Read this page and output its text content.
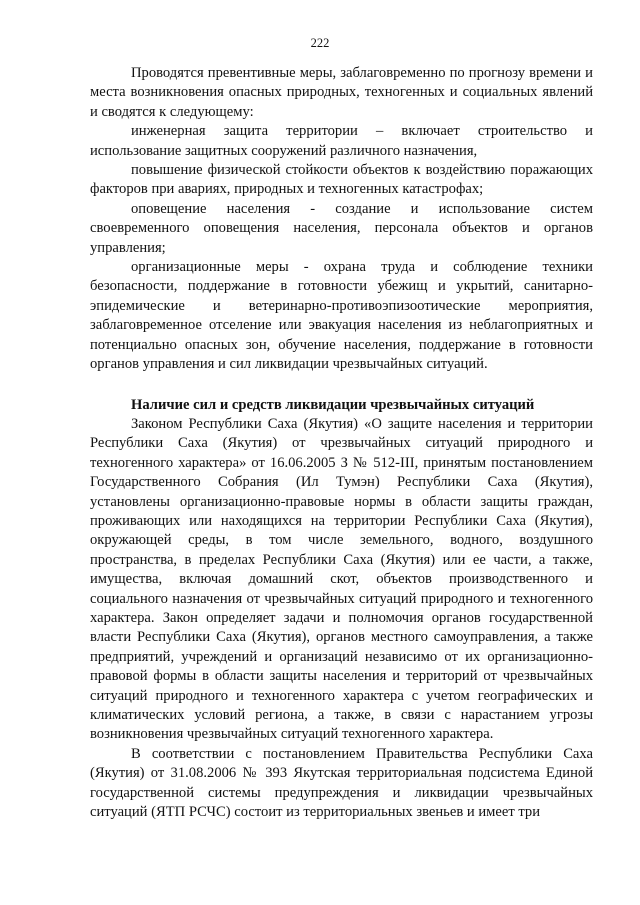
222

Проводятся превентивные меры, заблаговременно по прогнозу времени и места возникновения опасных природных, техногенных и социальных явлений и сводятся к следующему:

инженерная защита территории – включает строительство и использование защитных сооружений различного назначения,

повышение физической стойкости объектов к воздействию поражающих факторов при авариях, природных и техногенных катастрофах;

оповещение населения - создание и использование систем своевременного оповещения населения, персонала объектов и органов управления;

организационные меры - охрана труда и соблюдение техники безопасности, поддержание в готовности убежищ и укрытий, санитарно-эпидемические и ветеринарно-противоэпизоотические мероприятия, заблаговременное отселение или эвакуация населения из неблагоприятных и потенциально опасных зон, обучение населения, поддержание в готовности органов управления и сил ликвидации чрезвычайных ситуаций.

Наличие сил и средств ликвидации чрезвычайных ситуаций

Законом Республики Саха (Якутия) «О защите населения и территории Республики Саха (Якутия) от чрезвычайных ситуаций природного и техногенного характера» от 16.06.2005 З № 512-III, принятым постановлением Государственного Собрания (Ил Тумэн) Республики Саха (Якутия), установлены организационно-правовые нормы в области защиты граждан, проживающих или находящихся на территории Республики Саха (Якутия), окружающей среды, в том числе земельного, водного, воздушного пространства, в пределах Республики Саха (Якутия) или ее части, а также, имущества, включая домашний скот, объектов производственного и социального назначения от чрезвычайных ситуаций природного и техногенного характера. Закон определяет задачи и полномочия органов государственной власти Республики Саха (Якутия), органов местного самоуправления, а также предприятий, учреждений и организаций независимо от их организационно-правовой формы в области защиты населения и территорий от чрезвычайных ситуаций природного и техногенного характера с учетом географических и климатических условий региона, а также, в связи с нарастанием угрозы возникновения чрезвычайных ситуаций техногенного характера.

В соответствии с постановлением Правительства Республики Саха (Якутия) от 31.08.2006 № 393 Якутская территориальная подсистема Единой государственной системы предупреждения и ликвидации чрезвычайных ситуаций (ЯТП РСЧС) состоит из территориальных звеньев и имеет три
